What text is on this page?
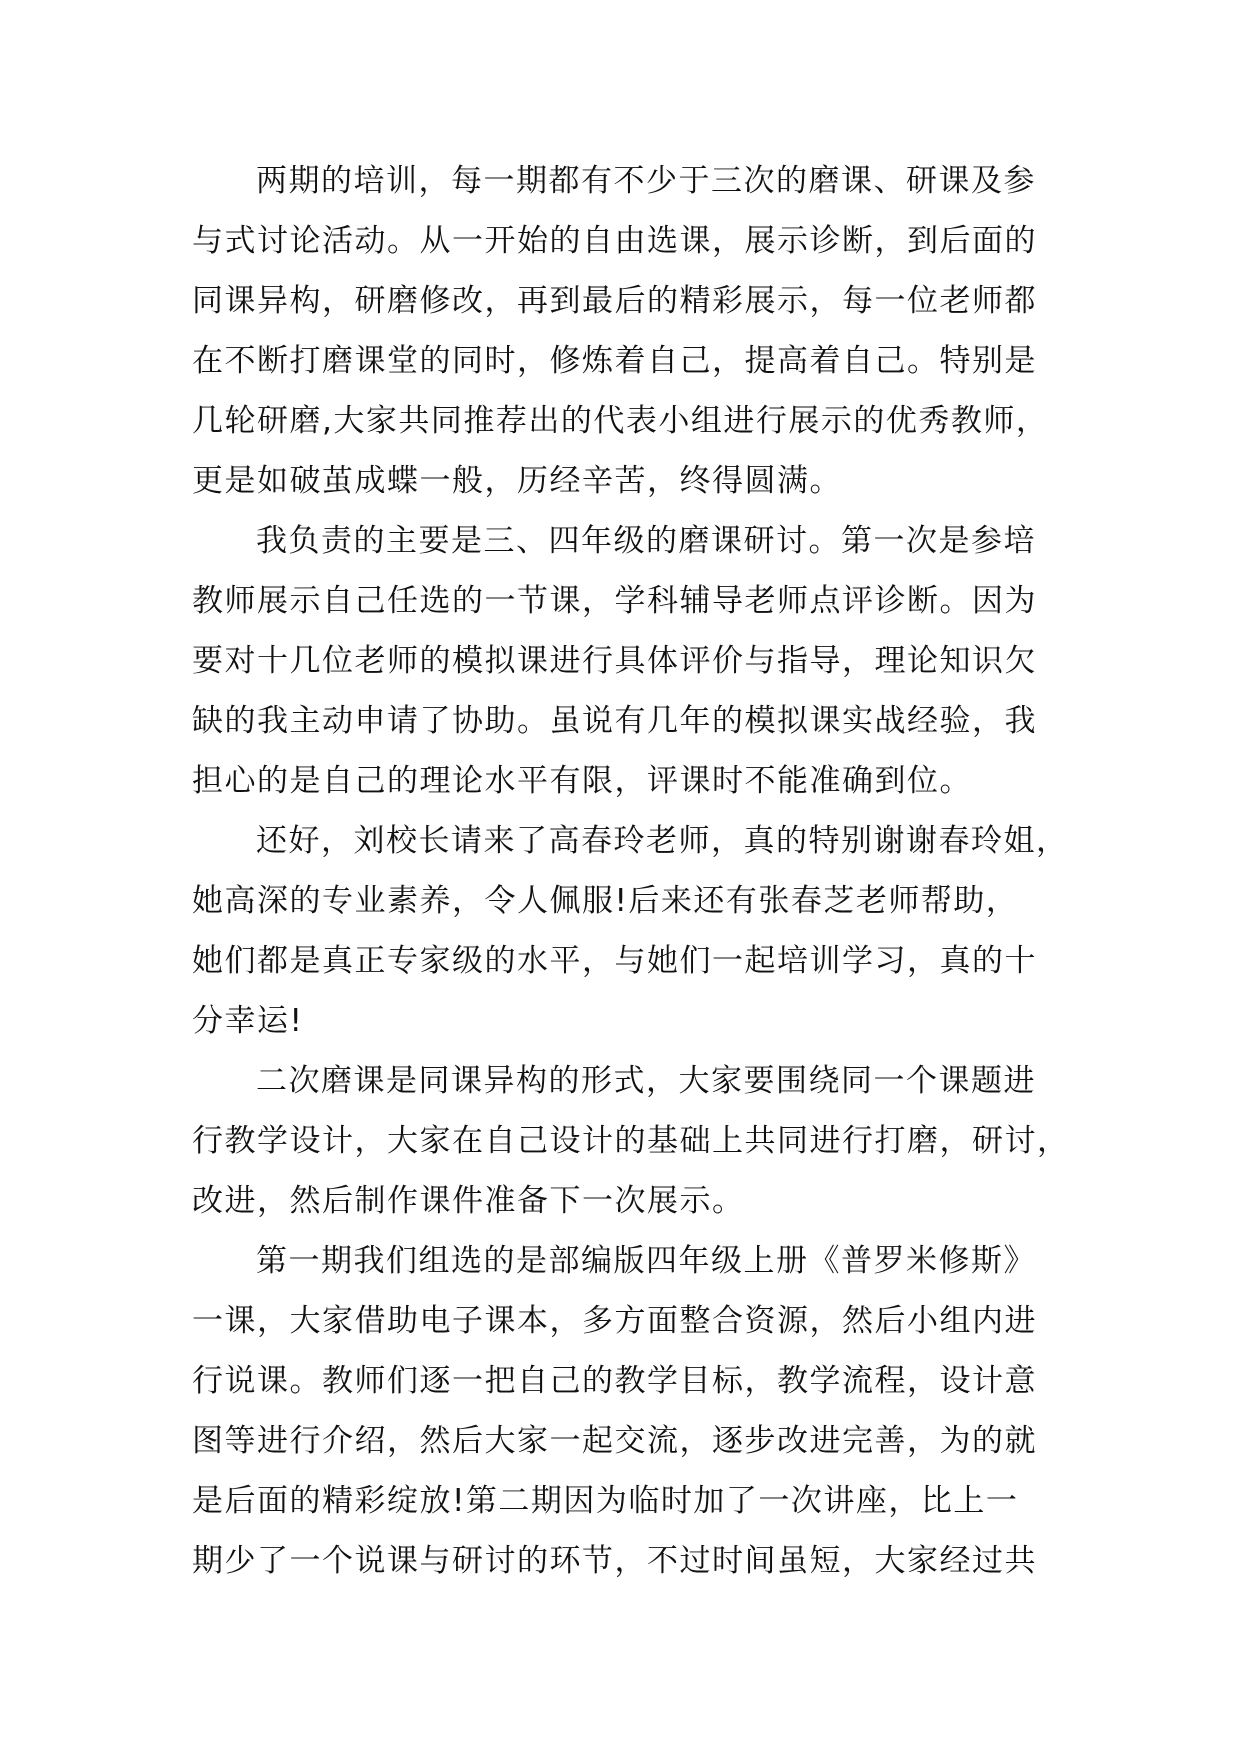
两期的培训，每一期都有不少于三次的磨课、研课及参
与式讨论活动。从一开始的自由选课，展示诊断，到后面的
同课异构，研磨修改，再到最后的精彩展示，每一位老师都
在不断打磨课堂的同时，修炼着自己，提高着自己。特别是
几轮研磨,大家共同推荐出的代表小组进行展示的优秀教师，
更是如破茧成蝶一般，历经辛苦，终得圆满。
我负责的主要是三、四年级的磨课研讨。第一次是参培
教师展示自己任选的一节课，学科辅导老师点评诊断。因为
要对十几位老师的模拟课进行具体评价与指导，理论知识欠
缺的我主动申请了协助。虽说有几年的模拟课实战经验，我
担心的是自己的理论水平有限，评课时不能准确到位。
还好，刘校长请来了高春玲老师，真的特别谢谢春玲姐，
她高深的专业素养，令人佩服!后来还有张春芝老师帮助，
她们都是真正专家级的水平，与她们一起培训学习，真的十
分幸运!
二次磨课是同课异构的形式，大家要围绕同一个课题进
行教学设计，大家在自己设计的基础上共同进行打磨，研讨，
改进，然后制作课件准备下一次展示。
第一期我们组选的是部编版四年级上册《普罗米修斯》
一课，大家借助电子课本，多方面整合资源，然后小组内进
行说课。教师们逐一把自己的教学目标，教学流程，设计意
图等进行介绍，然后大家一起交流，逐步改进完善，为的就
是后面的精彩绽放!第二期因为临时加了一次讲座，比上一
期少了一个说课与研讨的环节，不过时间虽短，大家经过共
